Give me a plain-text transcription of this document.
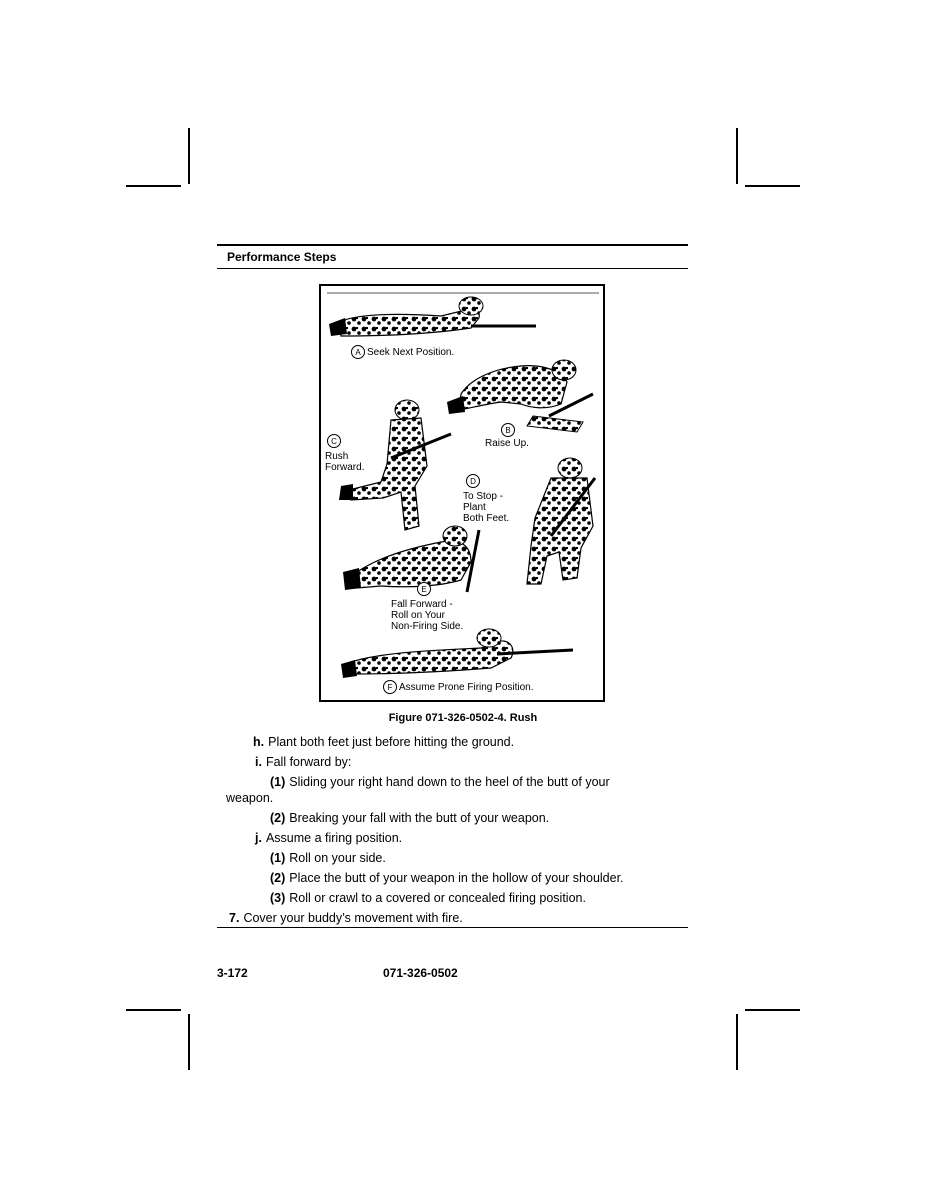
Performance Steps
A Seek Next Position.
B
Raise Up.
C
Rush
Forward.
D
To Stop -
Plant
Both Feet.
E
Fall Forward -
Roll on Your
Non-Firing Side.
F Assume Prone Firing Position.
Figure 071-326-0502-4. Rush
h. Plant both feet just before hitting the ground.
i. Fall forward by:
(1) Sliding your right hand down to the heel of the butt of your
weapon.
(2) Breaking your fall with the butt of your weapon.
j. Assume a firing position.
(1) Roll on your side.
(2) Place the butt of your weapon in the hollow of your shoulder.
(3) Roll or crawl to a covered or concealed firing position.
7. Cover your buddy’s movement with fire.
3-172	071-326-0502
